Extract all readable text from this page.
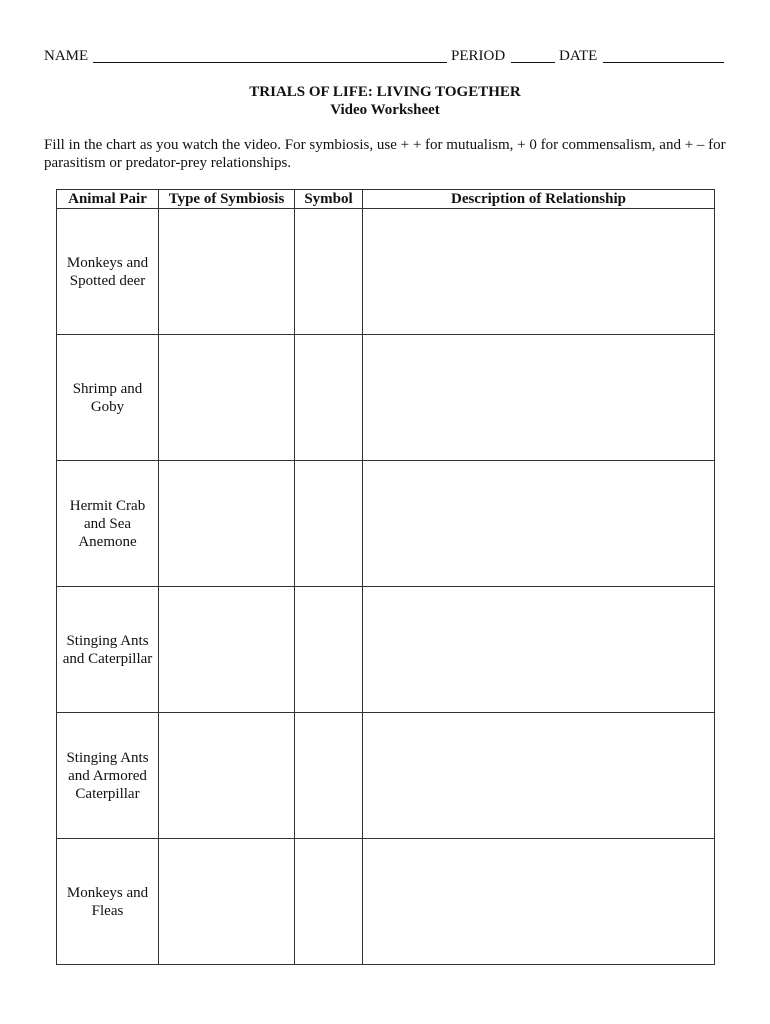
NAME	PERIOD	DATE
TRIALS OF LIFE: LIVING TOGETHER
Video Worksheet
Fill in the chart as you watch the video. For symbiosis, use + + for mutualism, + 0 for commensalism, and + – for parasitism or predator-prey relationships.
Animal Pair	Type of Symbiosis	Symbol	Description of Relationship
Monkeys and Spotted deer			
Shrimp and Goby			
Hermit Crab and Sea Anemone			
Stinging Ants and Caterpillar			
Stinging Ants and Armored Caterpillar			
Monkeys and Fleas			
